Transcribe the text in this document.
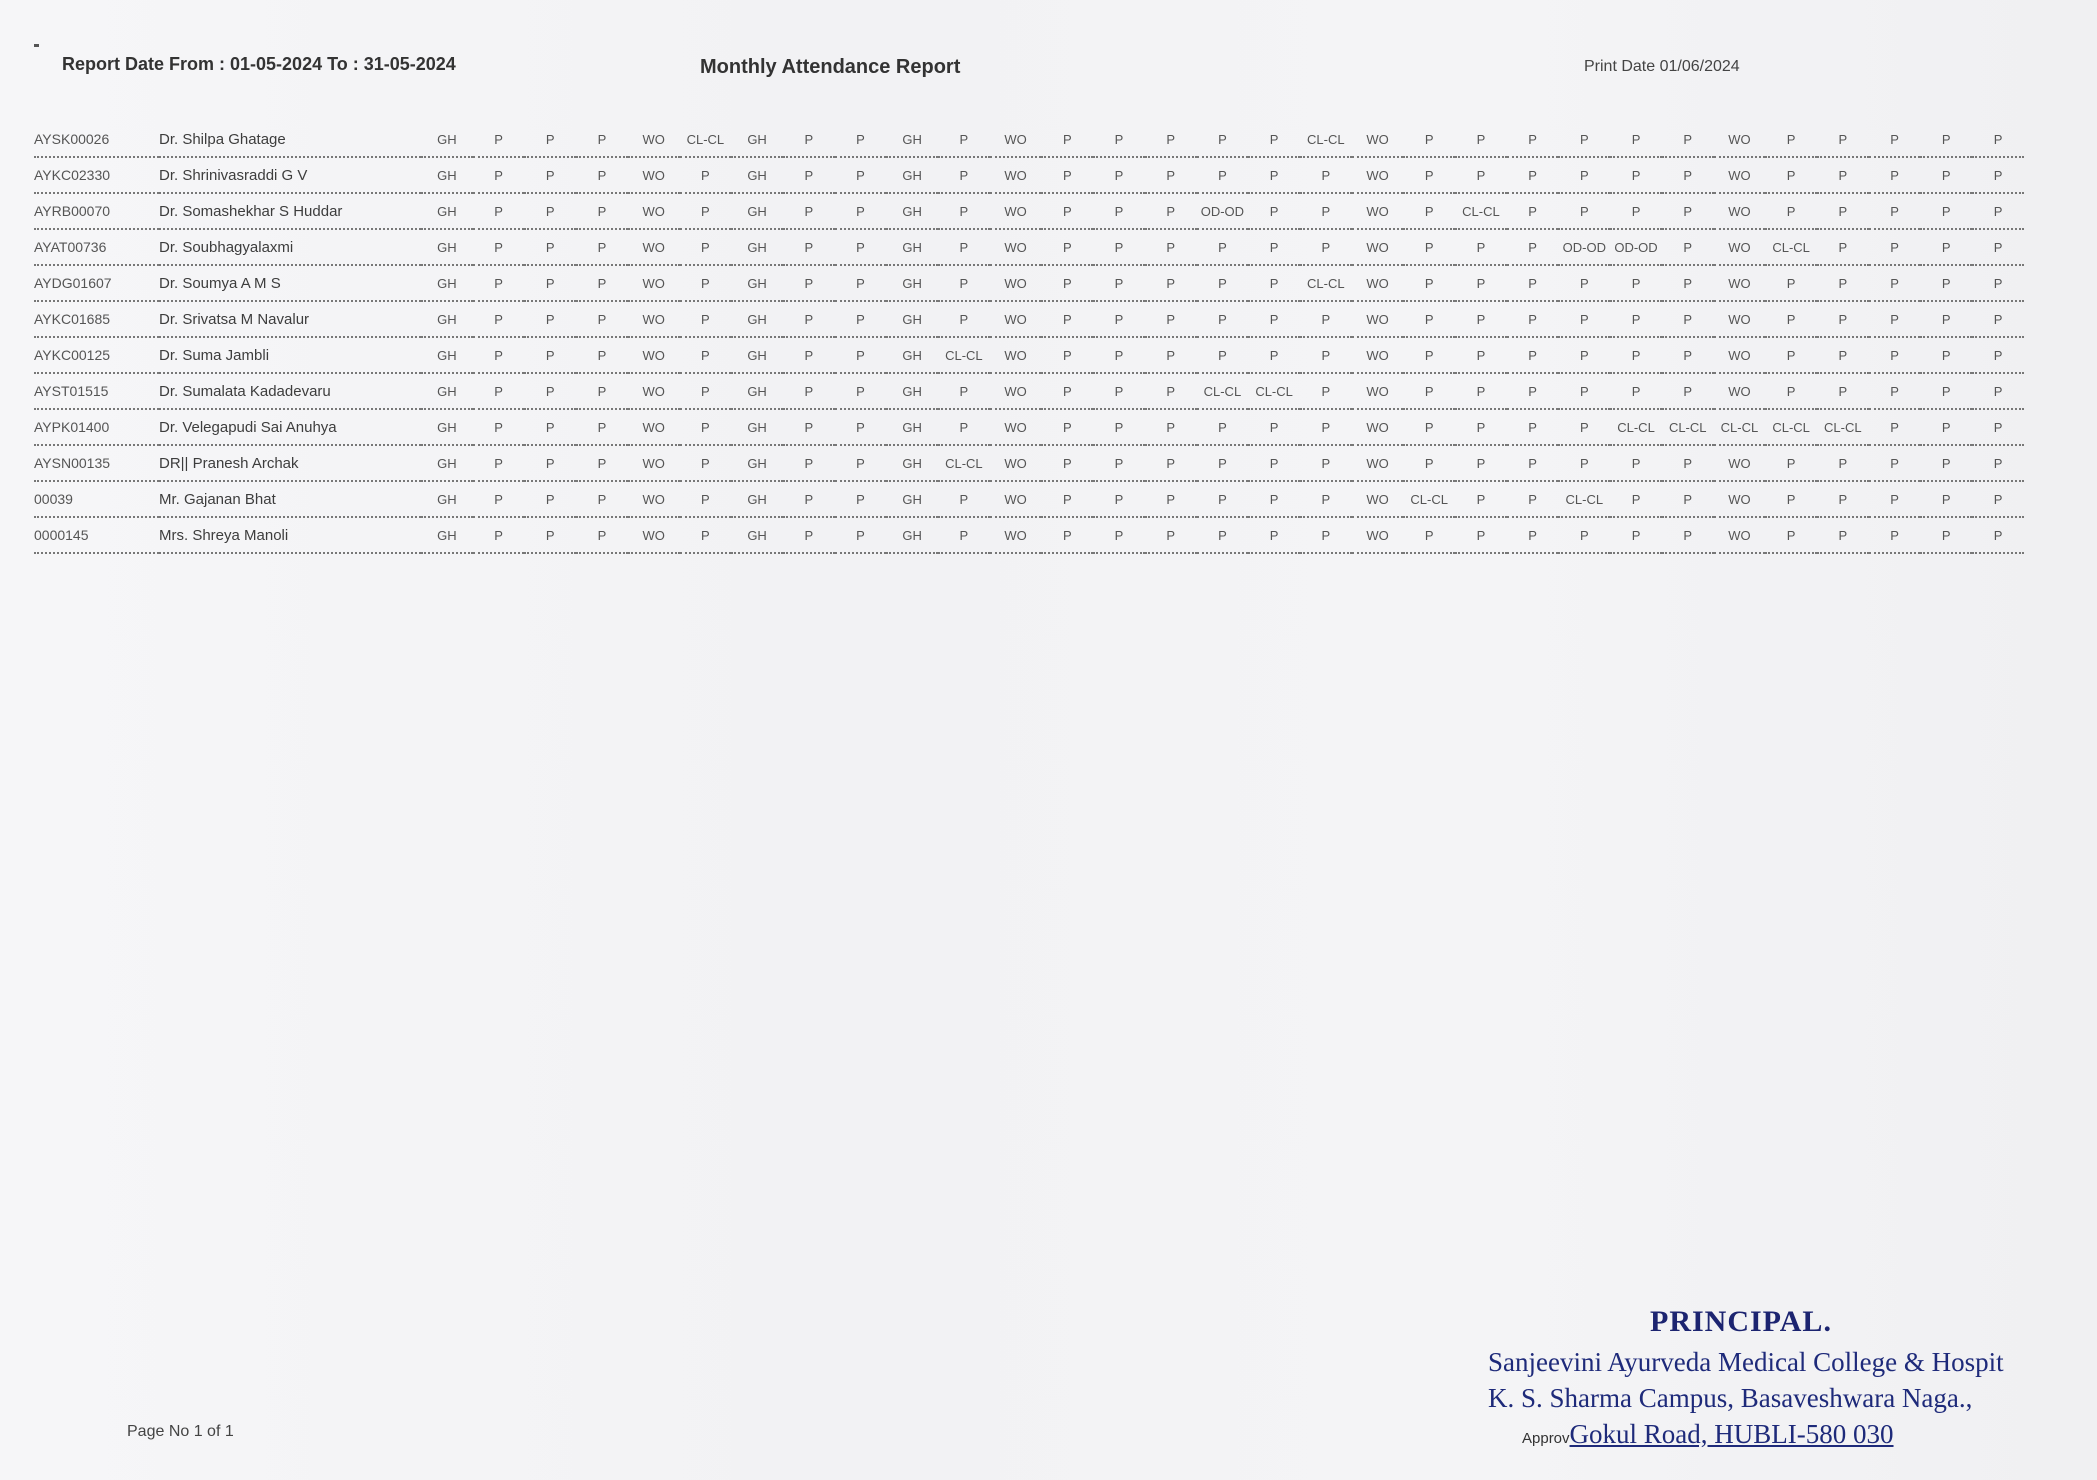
Report Date From : 01-05-2024 To : 31-05-2024	Monthly Attendance Report	Print Date 01/06/2024
AYSK00026	Dr. Shilpa Ghatage	GH	P	P	P	WO	CL-CL	GH	P	P	GH	P	WO	P	P	P	P	P	CL-CL	WO	P	P	P	P	P	P	WO	P	P	P	P	P
AYKC02330	Dr. Shrinivasraddi G V	GH	P	P	P	WO	P	GH	P	P	GH	P	WO	P	P	P	P	P	P	WO	P	P	P	P	P	P	WO	P	P	P	P	P
AYRB00070	Dr. Somashekhar S Huddar	GH	P	P	P	WO	P	GH	P	P	GH	P	WO	P	P	P	OD-OD	P	P	WO	P	CL-CL	P	P	P	P	WO	P	P	P	P	P
AYAT00736	Dr. Soubhagyalaxmi	GH	P	P	P	WO	P	GH	P	P	GH	P	WO	P	P	P	P	P	P	WO	P	P	P	OD-OD	OD-OD	P	WO	CL-CL	P	P	P	P
AYDG01607	Dr. Soumya A M S	GH	P	P	P	WO	P	GH	P	P	GH	P	WO	P	P	P	P	P	CL-CL	WO	P	P	P	P	P	P	WO	P	P	P	P	P
AYKC01685	Dr. Srivatsa M Navalur	GH	P	P	P	WO	P	GH	P	P	GH	P	WO	P	P	P	P	P	P	WO	P	P	P	P	P	P	WO	P	P	P	P	P
AYKC00125	Dr. Suma Jambli	GH	P	P	P	WO	P	GH	P	P	GH	CL-CL	WO	P	P	P	P	P	P	WO	P	P	P	P	P	P	WO	P	P	P	P	P
AYST01515	Dr. Sumalata Kadadevaru	GH	P	P	P	WO	P	GH	P	P	GH	P	WO	P	P	P	CL-CL	CL-CL	P	WO	P	P	P	P	P	P	WO	P	P	P	P	P
AYPK01400	Dr. Velegapudi Sai Anuhya	GH	P	P	P	WO	P	GH	P	P	GH	P	WO	P	P	P	P	P	P	WO	P	P	P	P	CL-CL	CL-CL	CL-CL	CL-CL	CL-CL	P	P	P
AYSN00135	DR|| Pranesh Archak	GH	P	P	P	WO	P	GH	P	P	GH	CL-CL	WO	P	P	P	P	P	P	WO	P	P	P	P	P	P	WO	P	P	P	P	P
00039	Mr. Gajanan Bhat	GH	P	P	P	WO	P	GH	P	P	GH	P	WO	P	P	P	P	P	P	WO	CL-CL	P	P	CL-CL	P	P	WO	P	P	P	P	P
0000145	Mrs. Shreya Manoli	GH	P	P	P	WO	P	GH	P	P	GH	P	WO	P	P	P	P	P	P	WO	P	P	P	P	P	P	WO	P	P	P	P	P
Page No 1 of 1
PRINCIPAL.
Sanjeevini Ayurveda Medical College & Hospit
K. S. Sharma Campus, Basaveshwara Naga.,
ApprovGokul Road, HUBLI-580 030
